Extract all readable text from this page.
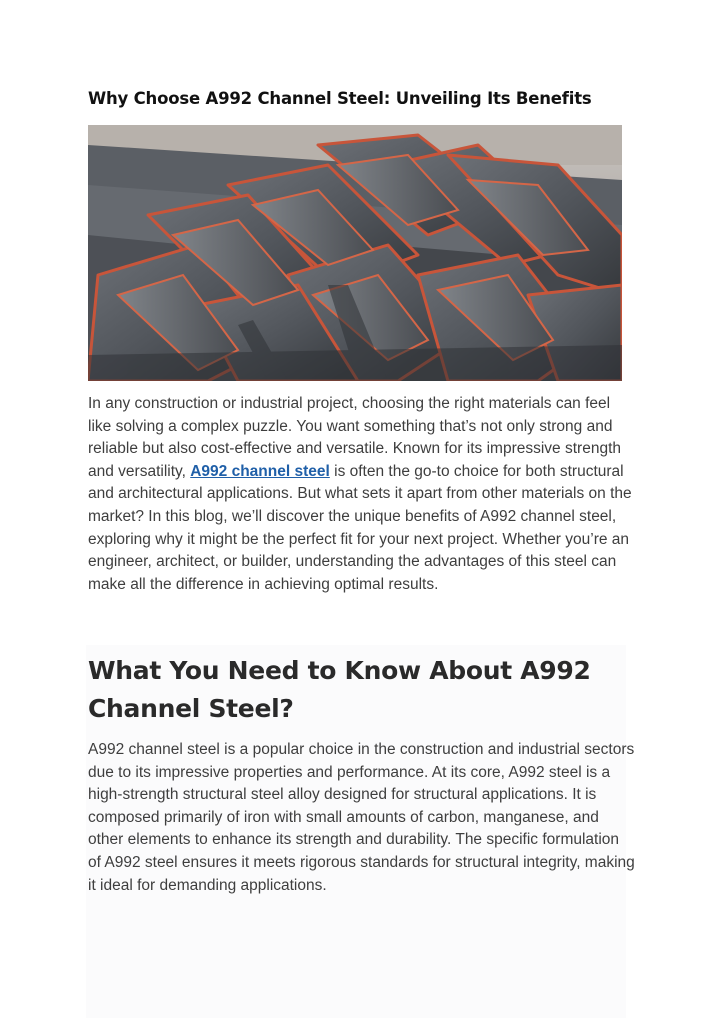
Why Choose A992 Channel Steel: Unveiling Its Benefits

In any construction or industrial project, choosing the right materials can feel like solving a complex puzzle. You want something that’s not only strong and reliable but also cost-effective and versatile. Known for its impressive strength and versatility, A992 channel steel is often the go-to choice for both structural and architectural applications. But what sets it apart from other materials on the market? In this blog, we’ll discover the unique benefits of A992 channel steel, exploring why it might be the perfect fit for your next project. Whether you’re an engineer, architect, or builder, understanding the advantages of this steel can make all the difference in achieving optimal results.

What You Need to Know About A992 Channel Steel?

A992 channel steel is a popular choice in the construction and industrial sectors due to its impressive properties and performance. At its core, A992 steel is a high-strength structural steel alloy designed for structural applications. It is composed primarily of iron with small amounts of carbon, manganese, and other elements to enhance its strength and durability. The specific formulation of A992 steel ensures it meets rigorous standards for structural integrity, making it ideal for demanding applications.
